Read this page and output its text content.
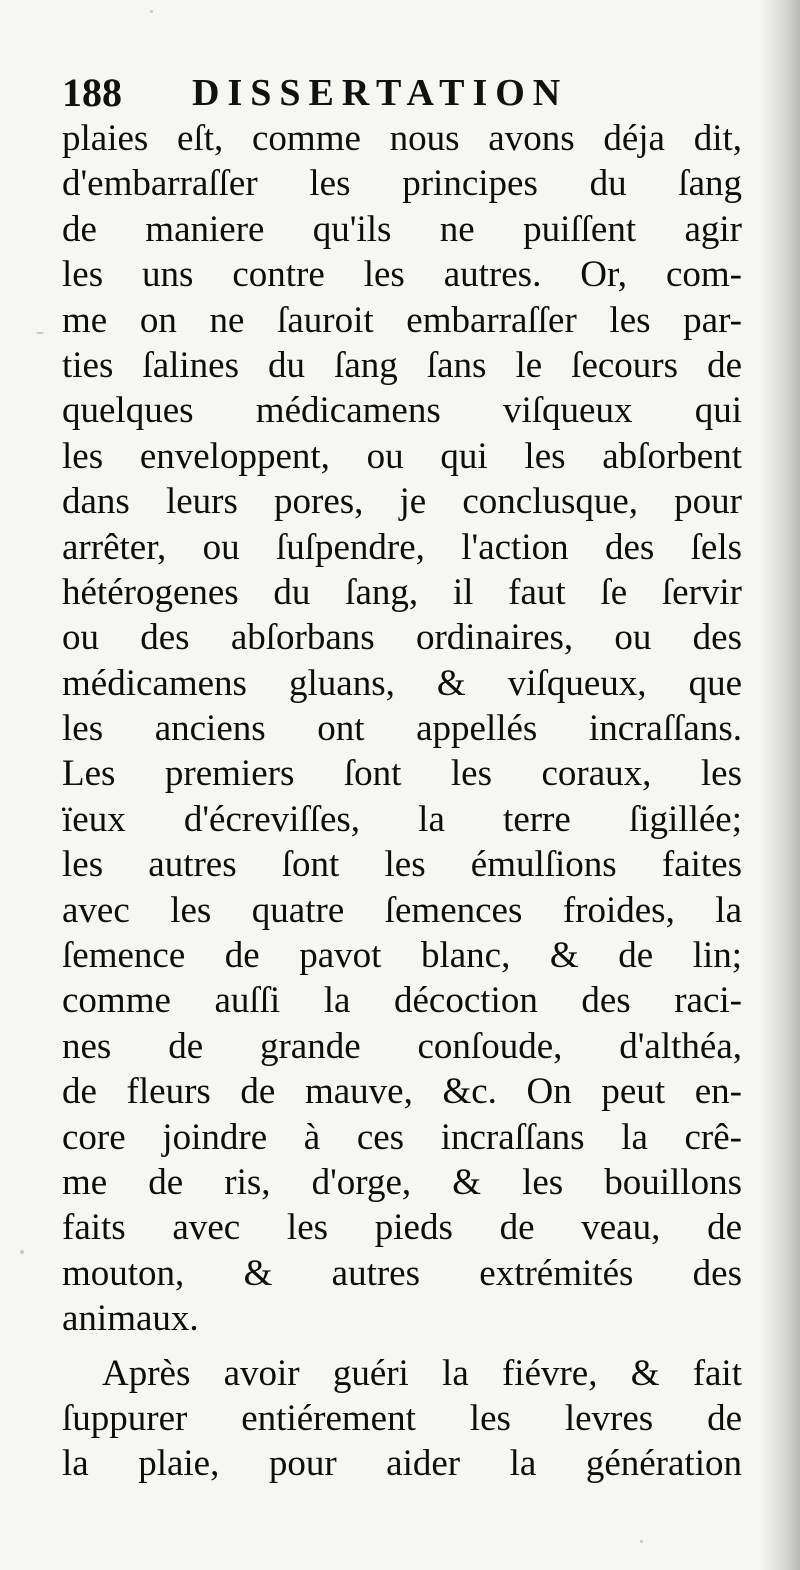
188 DISSERTATION
plaies eſt, comme nous avons déja dit,
d'embarraſſer les principes du ſang
de maniere qu'ils ne puiſſent agir
les uns contre les autres. Or, com-
me on ne ſauroit embarraſſer les par-
ties ſalines du ſang ſans le ſecours de
quelques médicamens viſqueux qui
les enveloppent, ou qui les abſorbent
dans leurs pores, je conclusque, pour
arrêter, ou ſuſpendre, l'action des ſels
hétérogenes du ſang, il faut ſe ſervir
ou des abſorbans ordinaires, ou des
médicamens gluans, & viſqueux, que
les anciens ont appellés incraſſans.
Les premiers ſont les coraux, les
ïeux d'écreviſſes, la terre ſigillée;
les autres ſont les émulſions faites
avec les quatre ſemences froides, la
ſemence de pavot blanc, & de lin;
comme auſſi la décoction des raci-
nes de grande conſoude, d'althéa,
de fleurs de mauve, &c. On peut en-
core joindre à ces incraſſans la crê-
me de ris, d'orge, & les bouillons
faits avec les pieds de veau, de
mouton, & autres extrémités des
animaux.
Après avoir guéri la fiévre, & fait
ſuppurer entiérement les levres de
la plaie, pour aider la génération
